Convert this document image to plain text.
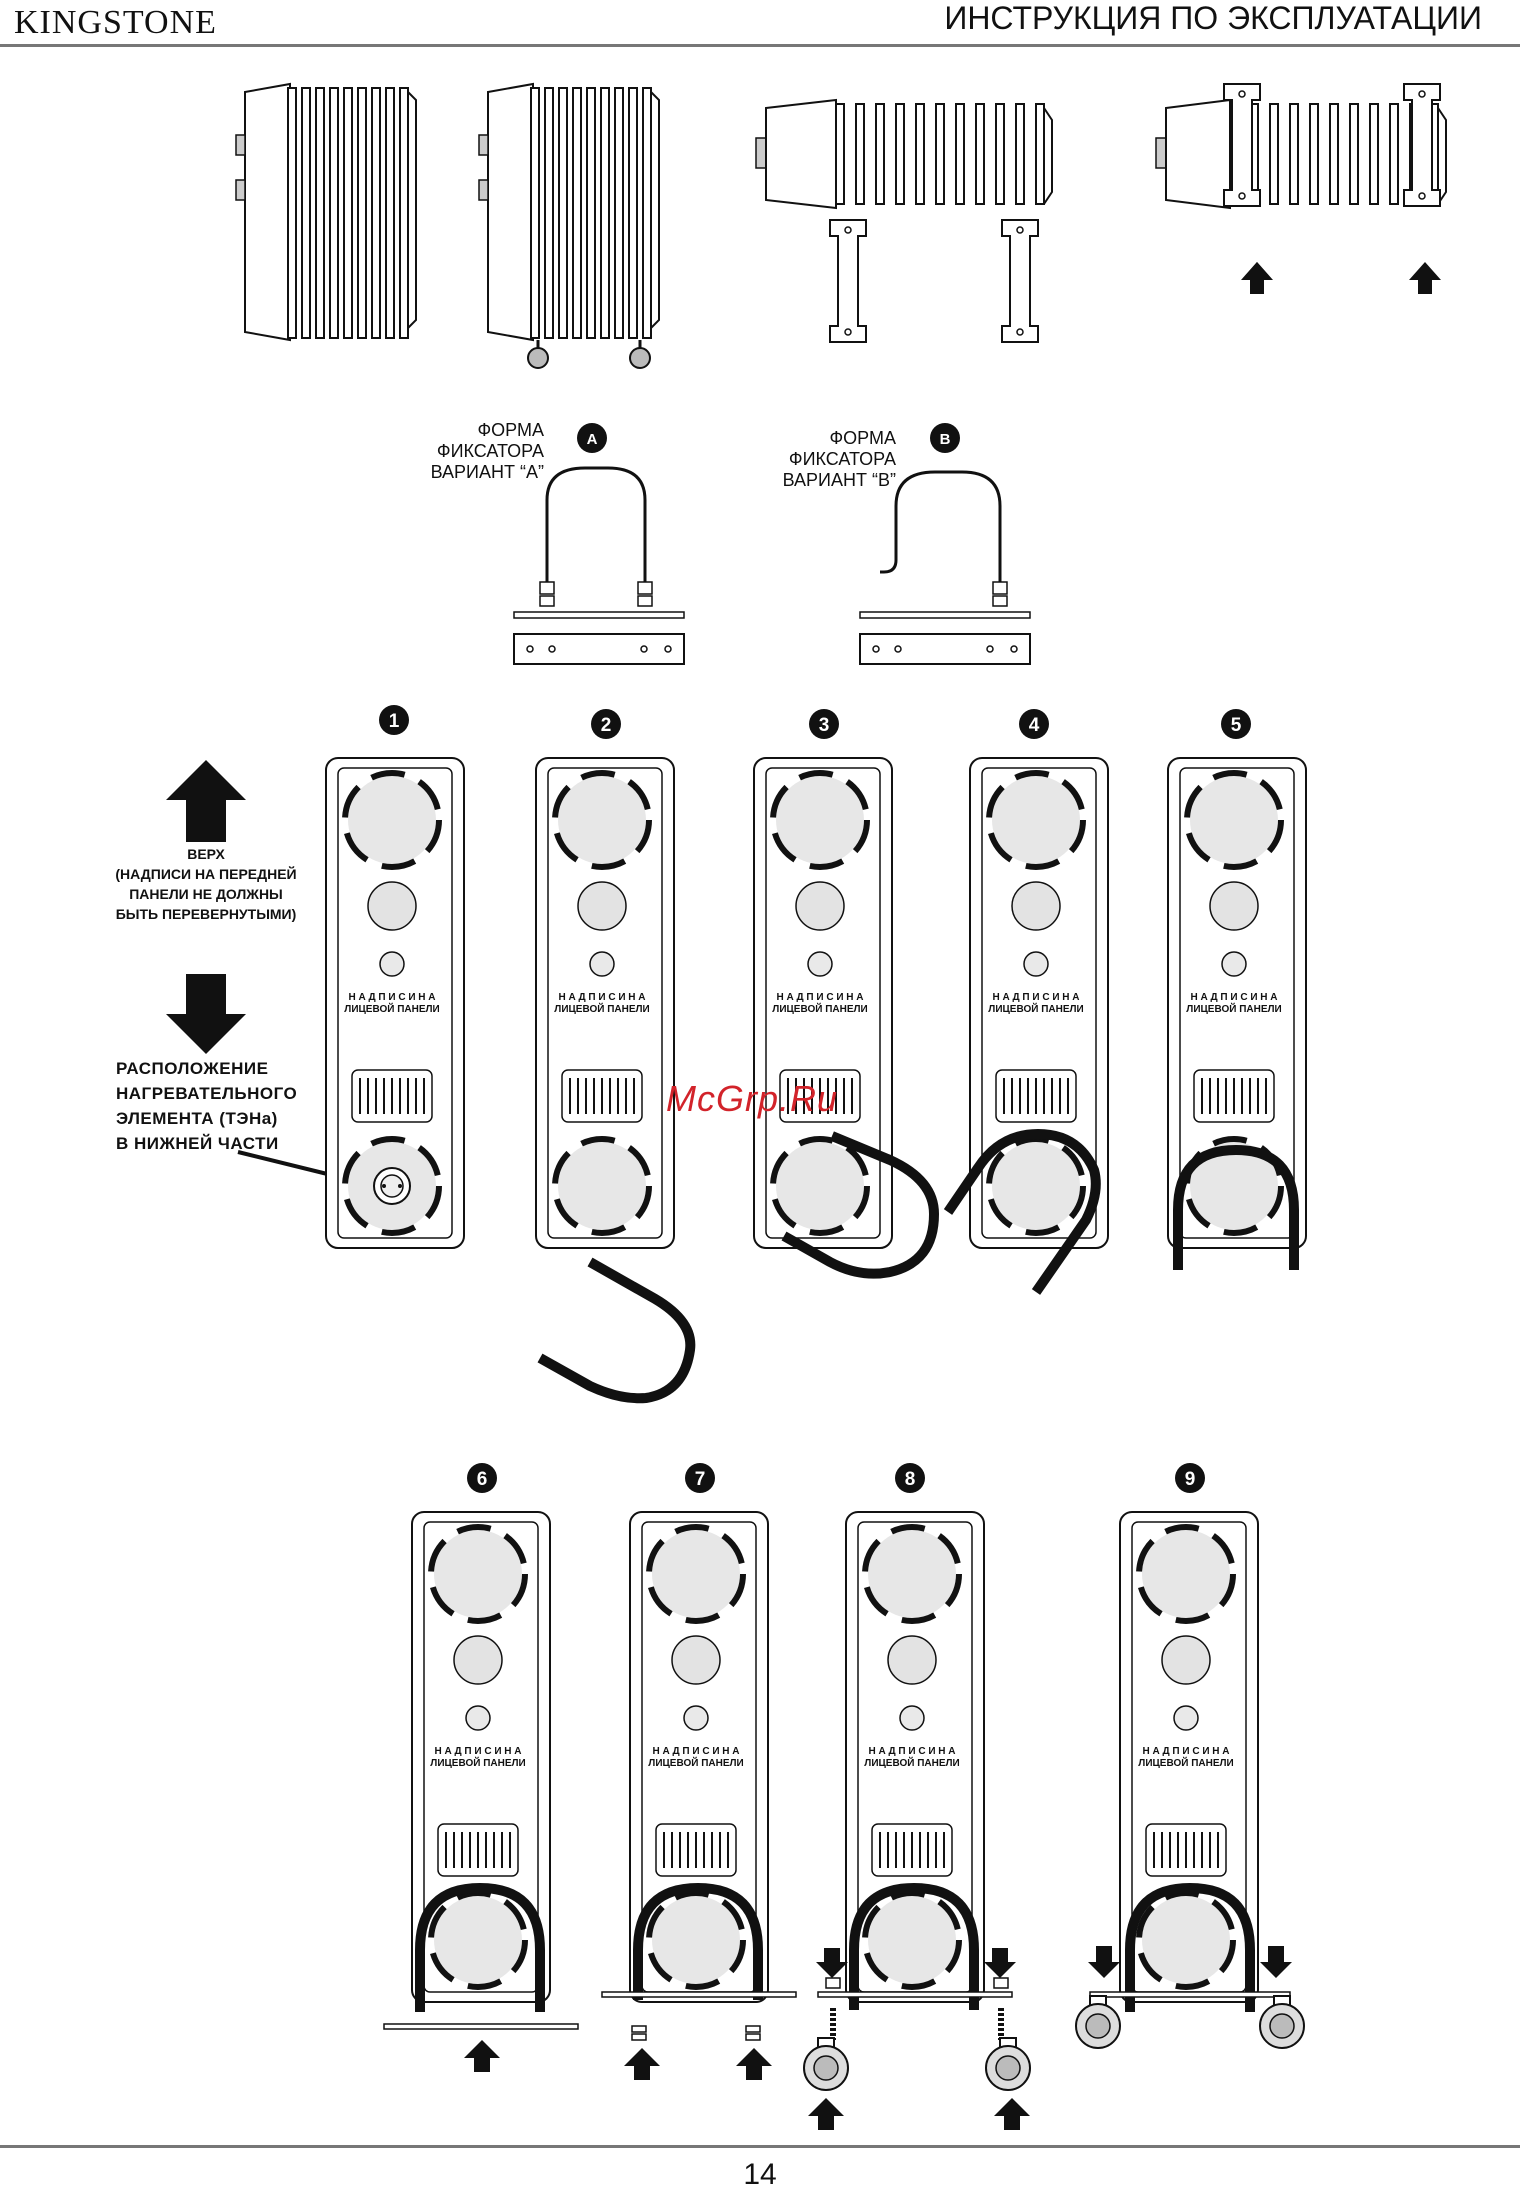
KINGSTONE	ИНСТРУКЦИЯ ПО ЭКСПЛУАТАЦИИ
Н А Д П И С И Н А
ЛИЦЕВОЙ ПАНЕЛИ
A	B
1	2	3	4	5
6	7	8	9
ФОРМА
ФИКСАТОРА
ВАРИАНТ “А”
ФОРМА
ФИКСАТОРА
ВАРИАНТ “B”
ВЕРХ
(НАДПИСИ НА ПЕРЕДНЕЙ
ПАНЕЛИ НЕ ДОЛЖНЫ
БЫТЬ ПЕРЕВЕРНУТЫМИ)
РАСПОЛОЖЕНИЕ
НАГРЕВАТЕЛЬНОГО
ЭЛЕМЕНТА (ТЭНа)
В НИЖНЕЙ ЧАСТИ
McGrp.Ru
14
